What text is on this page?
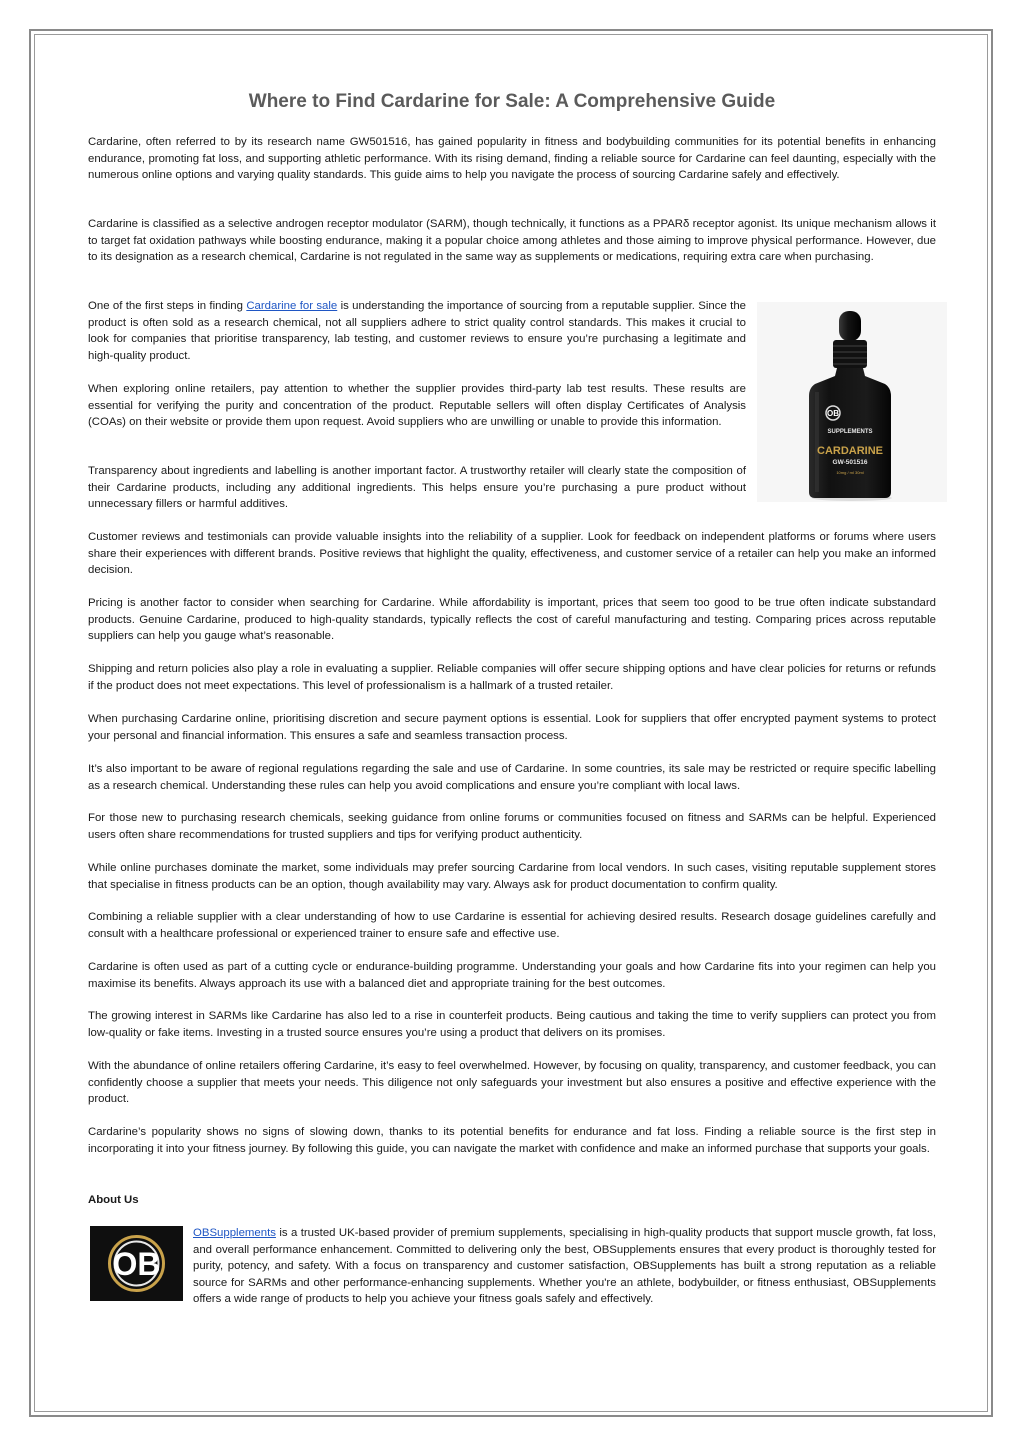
Where to Find Cardarine for Sale: A Comprehensive Guide

Cardarine, often referred to by its research name GW501516, has gained popularity in fitness and bodybuilding communities for its potential benefits in enhancing endurance, promoting fat loss, and supporting athletic performance. With its rising demand, finding a reliable source for Cardarine can feel daunting, especially with the numerous online options and varying quality standards. This guide aims to help you navigate the process of sourcing Cardarine safely and effectively.

Cardarine is classified as a selective androgen receptor modulator (SARM), though technically, it functions as a PPARδ receptor agonist. Its unique mechanism allows it to target fat oxidation pathways while boosting endurance, making it a popular choice among athletes and those aiming to improve physical performance. However, due to its designation as a research chemical, Cardarine is not regulated in the same way as supplements or medications, requiring extra care when purchasing.

One of the first steps in finding Cardarine for sale is understanding the importance of sourcing from a reputable supplier. Since the product is often sold as a research chemical, not all suppliers adhere to strict quality control standards. This makes it crucial to look for companies that prioritise transparency, lab testing, and customer reviews to ensure you’re purchasing a legitimate and high-quality product.

When exploring online retailers, pay attention to whether the supplier provides third-party lab test results. These results are essential for verifying the purity and concentration of the product. Reputable sellers will often display Certificates of Analysis (COAs) on their website or provide them upon request. Avoid suppliers who are unwilling or unable to provide this information.

Transparency about ingredients and labelling is another important factor. A trustworthy retailer will clearly state the composition of their Cardarine products, including any additional ingredients. This helps ensure you’re purchasing a pure product without unnecessary fillers or harmful additives.

OB
SUPPLEMENTS
CARDARINE
GW-501516
10mg / ml 30ml

Customer reviews and testimonials can provide valuable insights into the reliability of a supplier. Look for feedback on independent platforms or forums where users share their experiences with different brands. Positive reviews that highlight the quality, effectiveness, and customer service of a retailer can help you make an informed decision.

Pricing is another factor to consider when searching for Cardarine. While affordability is important, prices that seem too good to be true often indicate substandard products. Genuine Cardarine, produced to high-quality standards, typically reflects the cost of careful manufacturing and testing. Comparing prices across reputable suppliers can help you gauge what’s reasonable.

Shipping and return policies also play a role in evaluating a supplier. Reliable companies will offer secure shipping options and have clear policies for returns or refunds if the product does not meet expectations. This level of professionalism is a hallmark of a trusted retailer.

When purchasing Cardarine online, prioritising discretion and secure payment options is essential. Look for suppliers that offer encrypted payment systems to protect your personal and financial information. This ensures a safe and seamless transaction process.

It’s also important to be aware of regional regulations regarding the sale and use of Cardarine. In some countries, its sale may be restricted or require specific labelling as a research chemical. Understanding these rules can help you avoid complications and ensure you’re compliant with local laws.

For those new to purchasing research chemicals, seeking guidance from online forums or communities focused on fitness and SARMs can be helpful. Experienced users often share recommendations for trusted suppliers and tips for verifying product authenticity.

While online purchases dominate the market, some individuals may prefer sourcing Cardarine from local vendors. In such cases, visiting reputable supplement stores that specialise in fitness products can be an option, though availability may vary. Always ask for product documentation to confirm quality.

Combining a reliable supplier with a clear understanding of how to use Cardarine is essential for achieving desired results. Research dosage guidelines carefully and consult with a healthcare professional or experienced trainer to ensure safe and effective use.

Cardarine is often used as part of a cutting cycle or endurance-building programme. Understanding your goals and how Cardarine fits into your regimen can help you maximise its benefits. Always approach its use with a balanced diet and appropriate training for the best outcomes.

The growing interest in SARMs like Cardarine has also led to a rise in counterfeit products. Being cautious and taking the time to verify suppliers can protect you from low-quality or fake items. Investing in a trusted source ensures you’re using a product that delivers on its promises.

With the abundance of online retailers offering Cardarine, it’s easy to feel overwhelmed. However, by focusing on quality, transparency, and customer feedback, you can confidently choose a supplier that meets your needs. This diligence not only safeguards your investment but also ensures a positive and effective experience with the product.

Cardarine’s popularity shows no signs of slowing down, thanks to its potential benefits for endurance and fat loss. Finding a reliable source is the first step in incorporating it into your fitness journey. By following this guide, you can navigate the market with confidence and make an informed purchase that supports your goals.

About Us
OB

OBSupplements is a trusted UK-based provider of premium supplements, specialising in high-quality products that support muscle growth, fat loss, and overall performance enhancement. Committed to delivering only the best, OBSupplements ensures that every product is thoroughly tested for purity, potency, and safety. With a focus on transparency and customer satisfaction, OBSupplements has built a strong reputation as a reliable source for SARMs and other performance-enhancing supplements. Whether you're an athlete, bodybuilder, or fitness enthusiast, OBSupplements offers a wide range of products to help you achieve your fitness goals safely and effectively.
